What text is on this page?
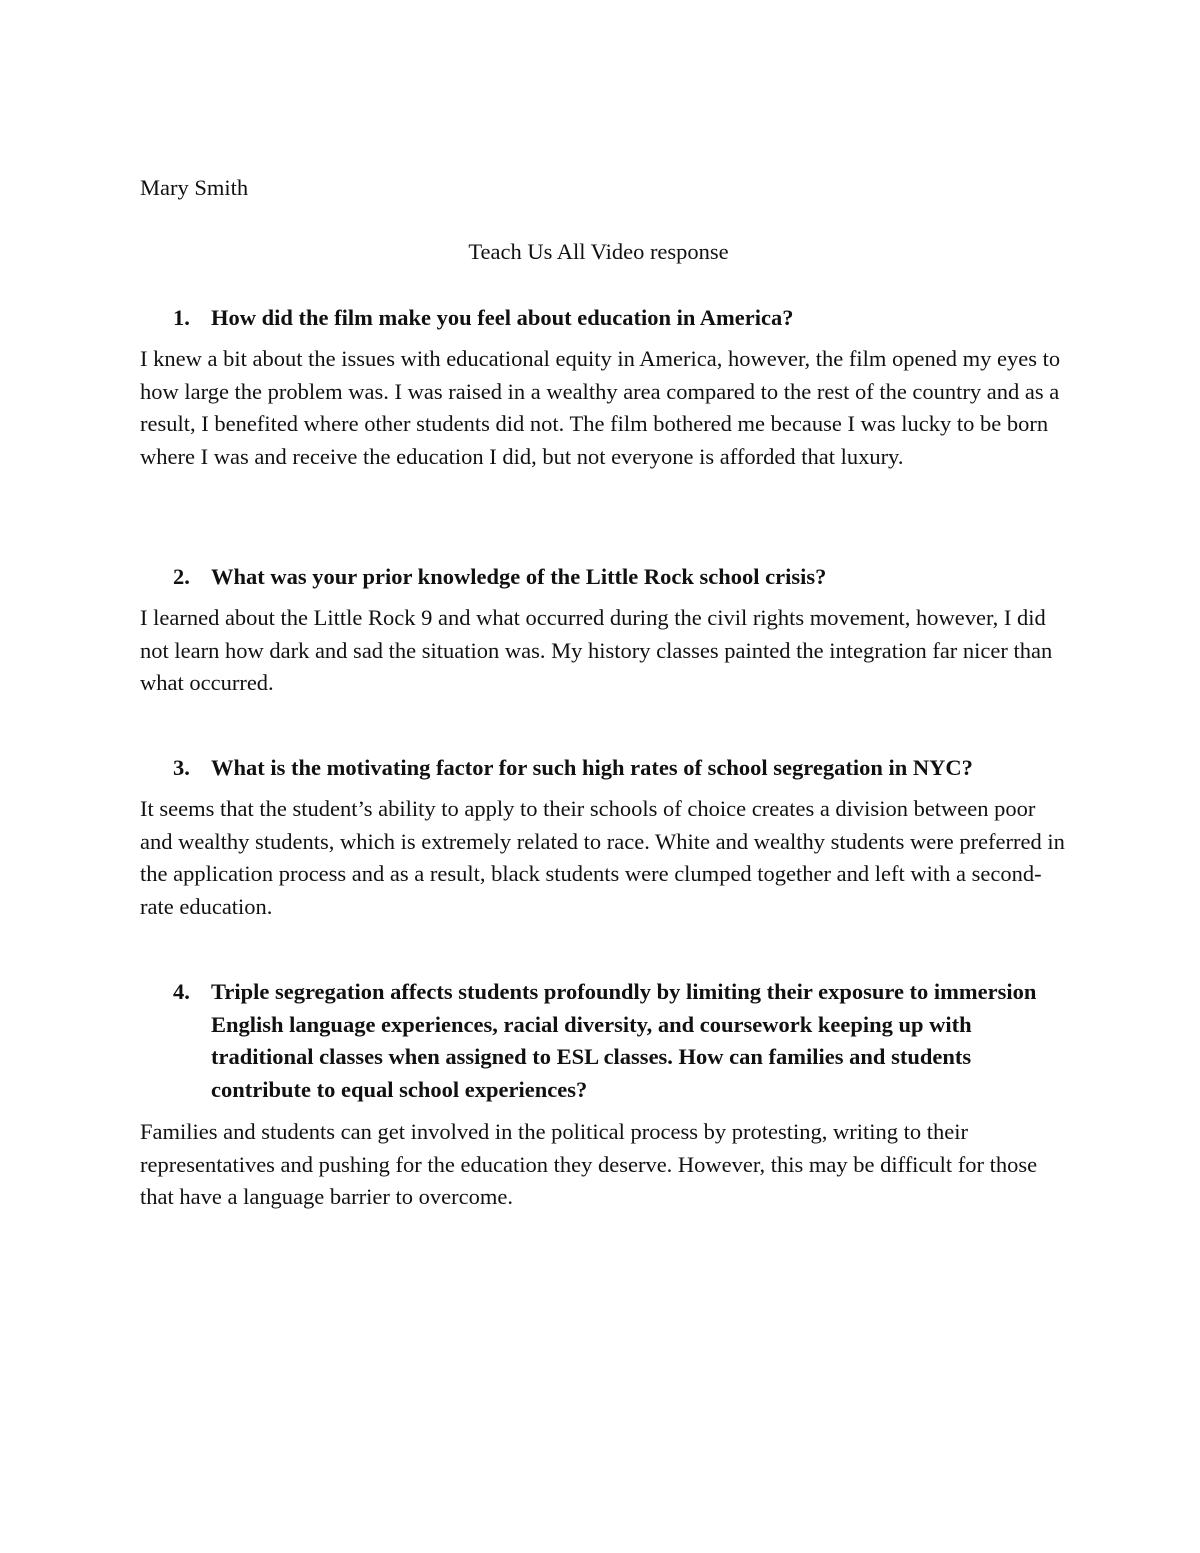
Mary Smith

Teach Us All Video response

1. How did the film make you feel about education in America?

I knew a bit about the issues with educational equity in America, however, the film opened my eyes to how large the problem was. I was raised in a wealthy area compared to the rest of the country and as a result, I benefited where other students did not. The film bothered me because I was lucky to be born where I was and receive the education I did, but not everyone is afforded that luxury.

2. What was your prior knowledge of the Little Rock school crisis?

I learned about the Little Rock 9 and what occurred during the civil rights movement, however, I did not learn how dark and sad the situation was. My history classes painted the integration far nicer than what occurred.

3. What is the motivating factor for such high rates of school segregation in NYC?

It seems that the student’s ability to apply to their schools of choice creates a division between poor and wealthy students, which is extremely related to race. White and wealthy students were preferred in the application process and as a result, black students were clumped together and left with a second-rate education.

4. Triple segregation affects students profoundly by limiting their exposure to immersion English language experiences, racial diversity, and coursework keeping up with traditional classes when assigned to ESL classes. How can families and students contribute to equal school experiences?

Families and students can get involved in the political process by protesting, writing to their representatives and pushing for the education they deserve. However, this may be difficult for those that have a language barrier to overcome.
